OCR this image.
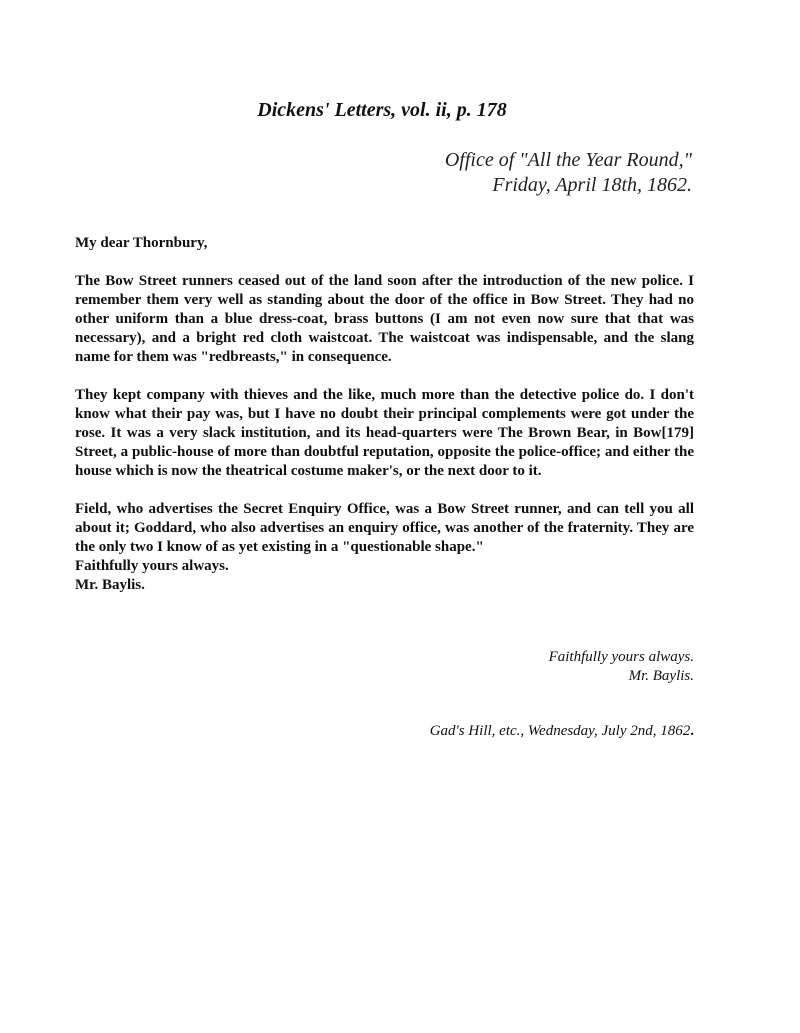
Dickens' Letters, vol. ii, p. 178
Office of "All the Year Round,"
Friday, April 18th, 1862.

My dear Thornbury,

The Bow Street runners ceased out of the land soon after the introduction of the new police. I remember them very well as standing about the door of the office in Bow Street. They had no other uniform than a blue dress-coat, brass buttons (I am not even now sure that that was necessary), and a bright red cloth waistcoat. The waistcoat was indispensable, and the slang name for them was "redbreasts," in consequence.

They kept company with thieves and the like, much more than the detective police do. I don't know what their pay was, but I have no doubt their principal complements were got under the rose. It was a very slack institution, and its head-quarters were The Brown Bear, in Bow[179] Street, a public-house of more than doubtful reputation, opposite the police-office; and either the house which is now the theatrical costume maker's, or the next door to it.

Field, who advertises the Secret Enquiry Office, was a Bow Street runner, and can tell you all about it; Goddard, who also advertises an enquiry office, was another of the fraternity. They are the only two I know of as yet existing in a "questionable shape."

Faithfully yours always.

Mr. Baylis.

Faithfully yours always.
Mr. Baylis.
Gad's Hill, etc., Wednesday, July 2nd, 1862.
